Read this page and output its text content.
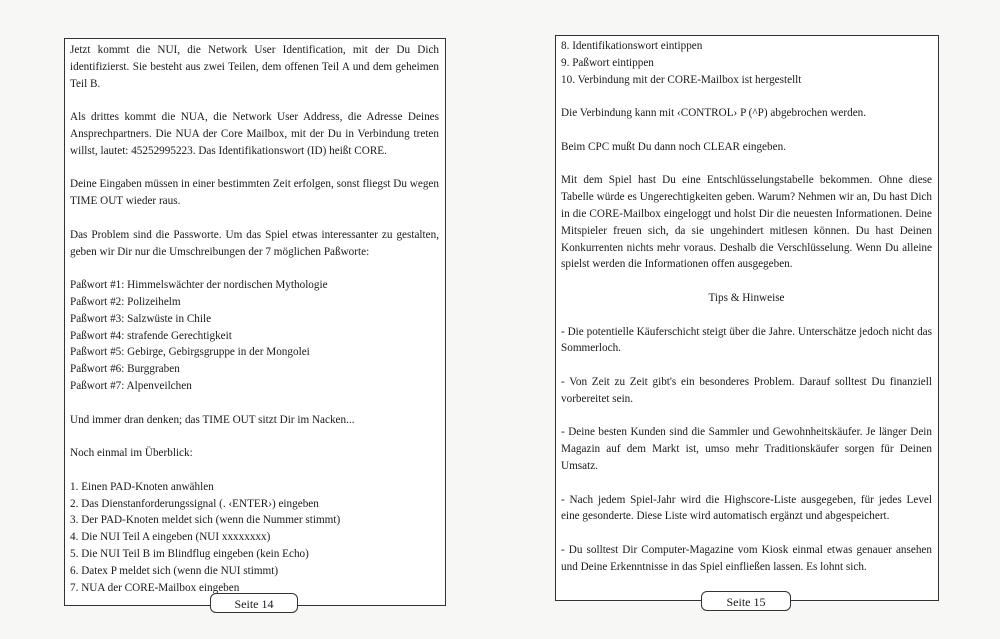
Jetzt kommt die NUI, die Network User Identification, mit der Du Dich identifizierst. Sie besteht aus zwei Teilen, dem offenen Teil A und dem geheimen Teil B.

Als drittes kommt die NUA, die Network User Address, die Adresse Deines Ansprechpartners. Die NUA der Core Mailbox, mit der Du in Verbindung treten willst, lautet: 45252995223. Das Identifikationswort (ID) heißt CORE.

Deine Eingaben müssen in einer bestimmten Zeit erfolgen, sonst fliegst Du wegen TIME OUT wieder raus.

Das Problem sind die Passworte. Um das Spiel etwas interessanter zu gestalten, geben wir Dir nur die Umschreibungen der 7 möglichen Paßworte:

Paßwort #1: Himmelswächter der nordischen Mythologie

Paßwort #2: Polizeihelm

Paßwort #3: Salzwüste in Chile

Paßwort #4: strafende Gerechtigkeit

Paßwort #5: Gebirge, Gebirgsgruppe in der Mongolei

Paßwort #6: Burggraben

Paßwort #7: Alpenveilchen

Und immer dran denken; das TIME OUT sitzt Dir im Nacken...

Noch einmal im Überblick:

1. Einen PAD-Knoten anwählen

2. Das Dienstanforderungssignal (. ‹ENTER›) eingeben

3. Der PAD-Knoten meldet sich (wenn die Nummer stimmt)

4. Die NUI Teil A eingeben (NUI xxxxxxxx)

5. Die NUI Teil B im Blindflug eingeben (kein Echo)

6. Datex P meldet sich (wenn die NUI stimmt)

7. NUA der CORE-Mailbox eingeben

Seite 14

8. Identifikationswort eintippen

9. Paßwort eintippen

10. Verbindung mit der CORE-Mailbox ist hergestellt

Die Verbindung kann mit ‹CONTROL› P (^P) abgebrochen werden.

Beim CPC mußt Du dann noch CLEAR eingeben.

Mit dem Spiel hast Du eine Entschlüsselungstabelle bekommen. Ohne diese Tabelle würde es Ungerechtigkeiten geben. Warum? Nehmen wir an, Du hast Dich in die CORE-Mailbox eingeloggt und holst Dir die neuesten Informationen. Deine Mitspieler freuen sich, da sie ungehindert mitlesen können. Du hast Deinen Konkurrenten nichts mehr voraus. Deshalb die Verschlüsselung. Wenn Du alleine spielst werden die Informationen offen ausgegeben.

Tips & Hinweise

- Die potentielle Käuferschicht steigt über die Jahre. Unterschätze jedoch nicht das Sommerloch.

- Von Zeit zu Zeit gibt's ein besonderes Problem. Darauf solltest Du finanziell vorbereitet sein.

- Deine besten Kunden sind die Sammler und Gewohnheitskäufer. Je länger Dein Magazin auf dem Markt ist, umso mehr Traditionskäufer sorgen für Deinen Umsatz.

- Nach jedem Spiel-Jahr wird die Highscore-Liste ausgegeben, für jedes Level eine gesonderte. Diese Liste wird automatisch ergänzt und abgespeichert.

- Du solltest Dir Computer-Magazine vom Kiosk einmal etwas genauer ansehen und Deine Erkenntnisse in das Spiel einfließen lassen. Es lohnt sich.

Seite 15
